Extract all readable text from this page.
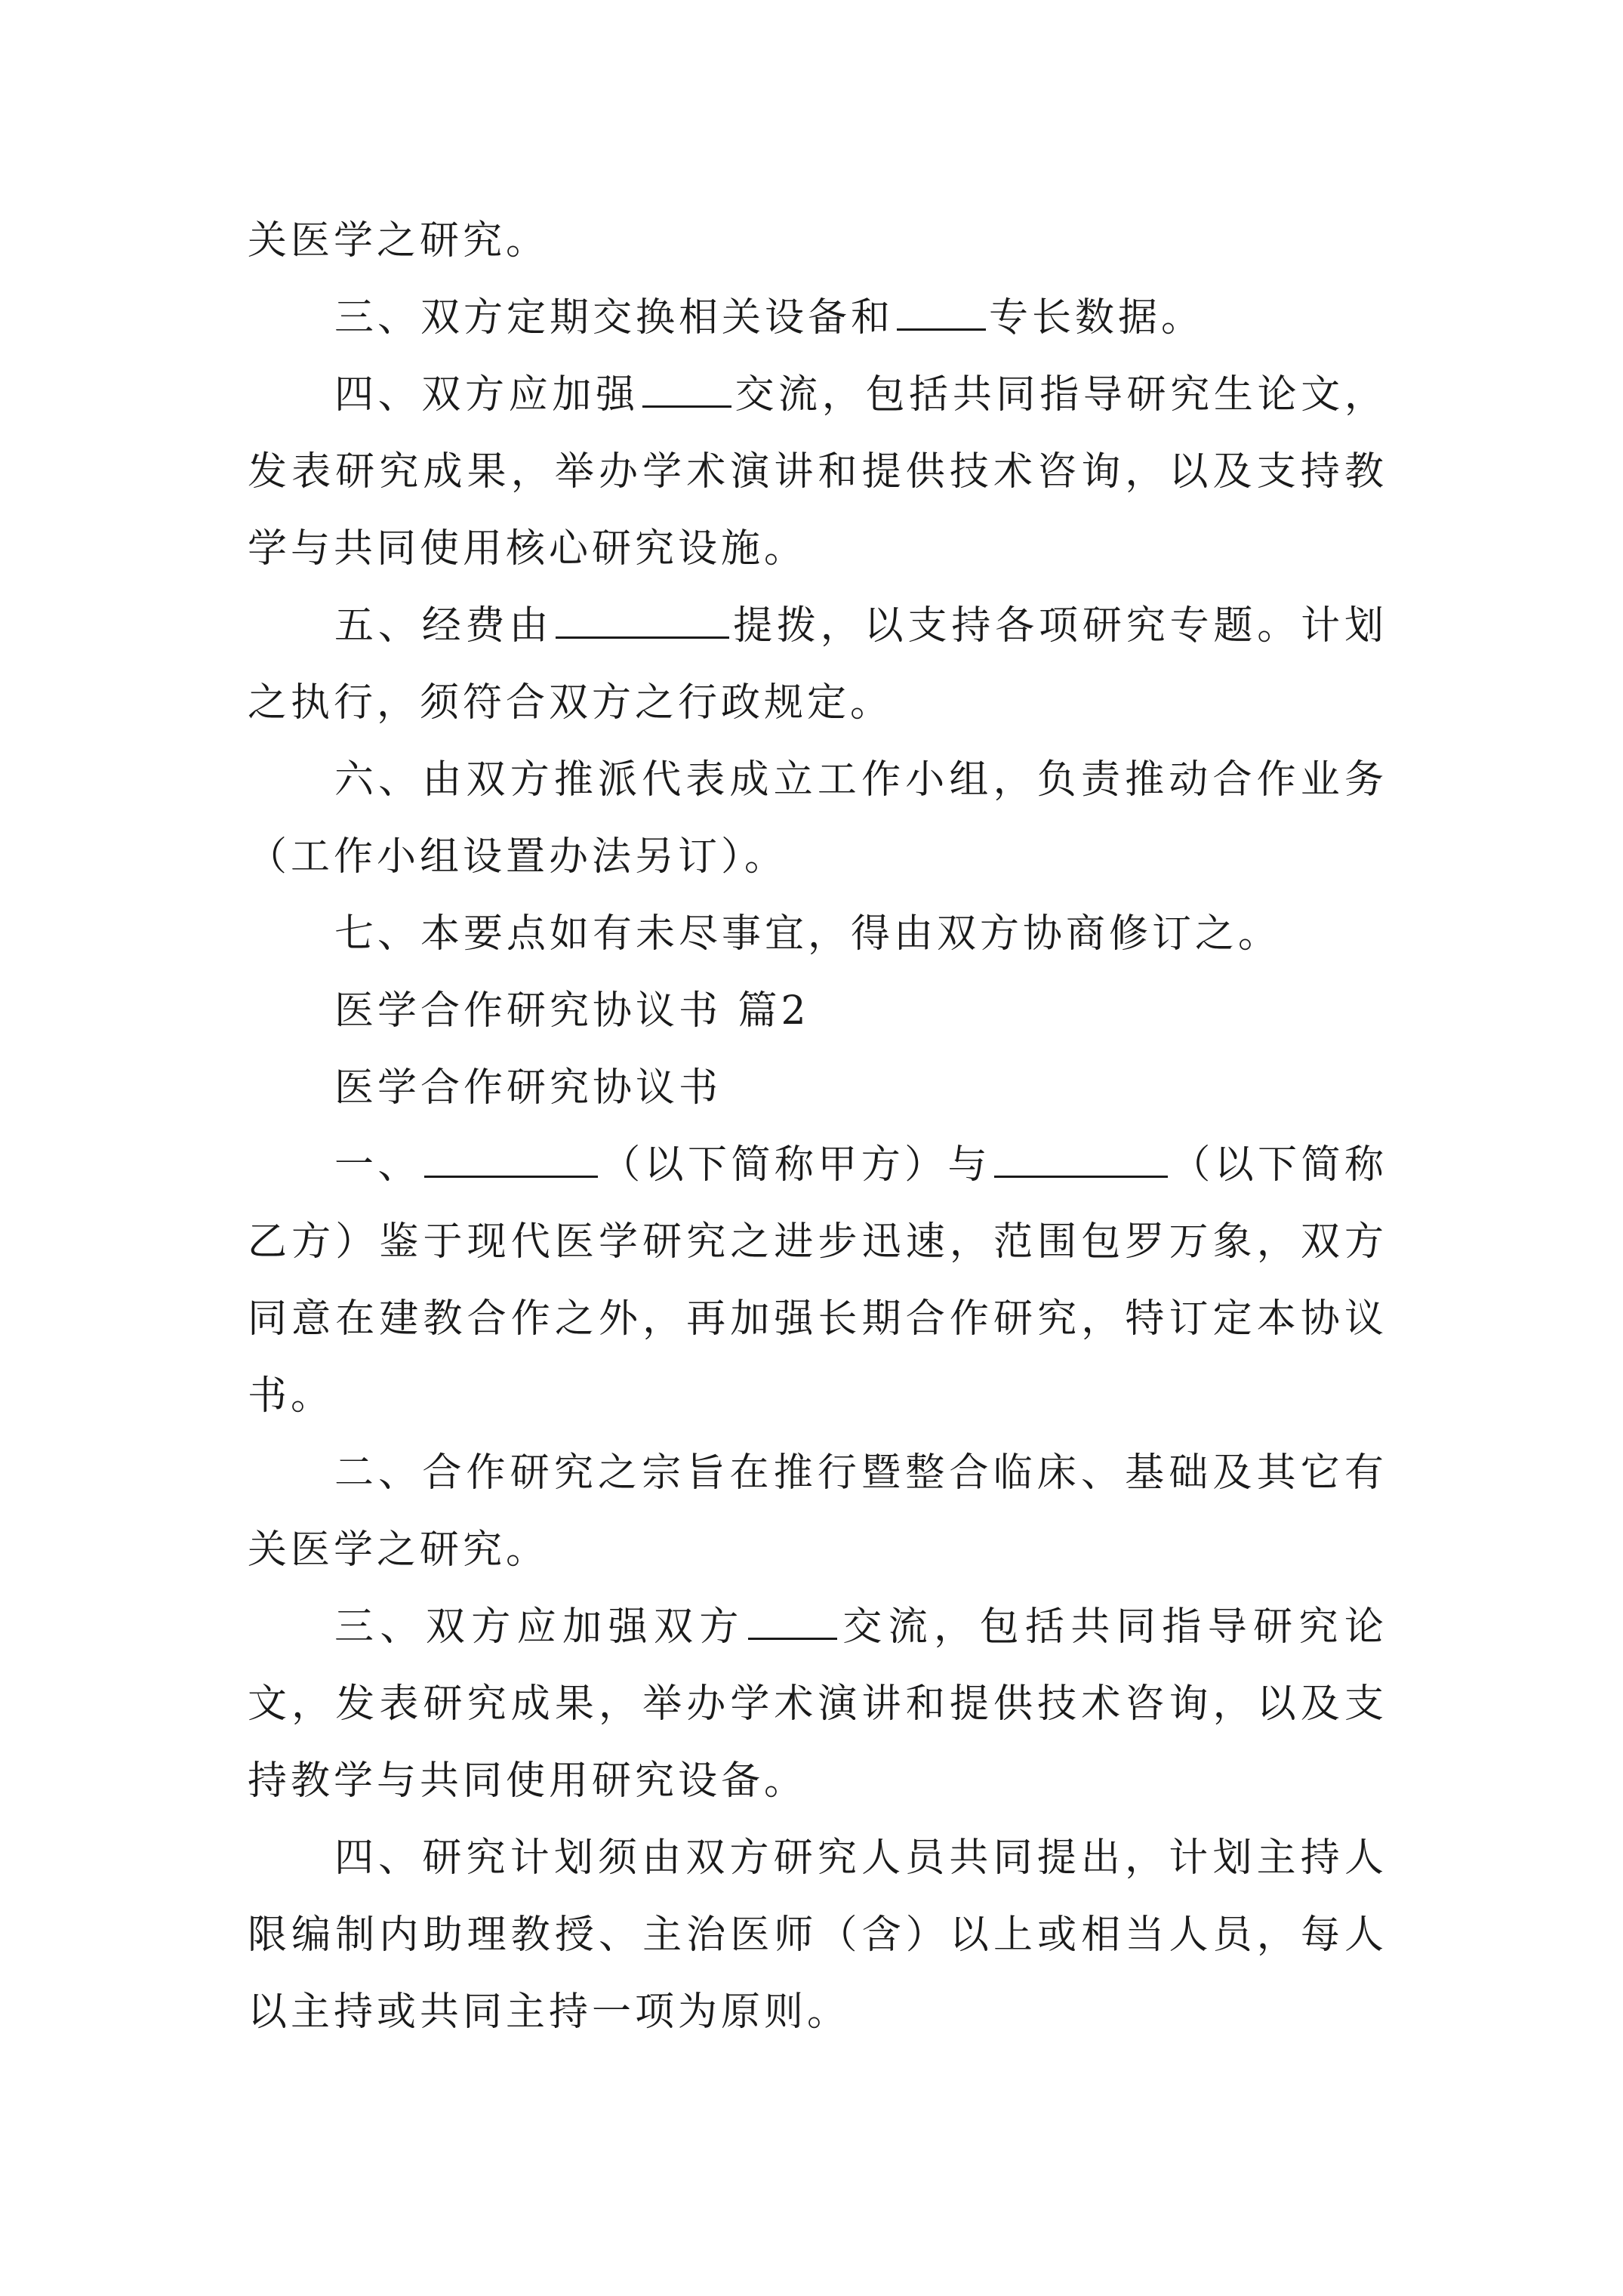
关医学之研究。

三、双方定期交换相关设备和 专长数据。

四、双方应加强 交流，包括共同指导研究生论文，发表研究成果，举办学术演讲和提供技术咨询，以及支持教学与共同使用核心研究设施。

五、经费由	提拨，以支持各项研究专题。计划之执行，须符合双方之行政规定。

六、由双方推派代表成立工作小组，负责推动合作业务（工作小组设置办法另订）。

七、本要点如有未尽事宜，得由双方协商修订之。

医学合作研究协议书 篇2

医学合作研究协议书

一、	（以下简称甲方）与	（以下简称乙方）鉴于现代医学研究之进步迅速，范围包罗万象，双方同意在建教合作之外，再加强长期合作研究，特订定本协议书。

二、合作研究之宗旨在推行暨整合临床、基础及其它有关医学之研究。

三、双方应加强双方 交流，包括共同指导研究论文，发表研究成果，举办学术演讲和提供技术咨询，以及支持教学与共同使用研究设备。

四、研究计划须由双方研究人员共同提出，计划主持人限编制内助理教授、主治医师（含）以上或相当人员，每人以主持或共同主持一项为原则。
